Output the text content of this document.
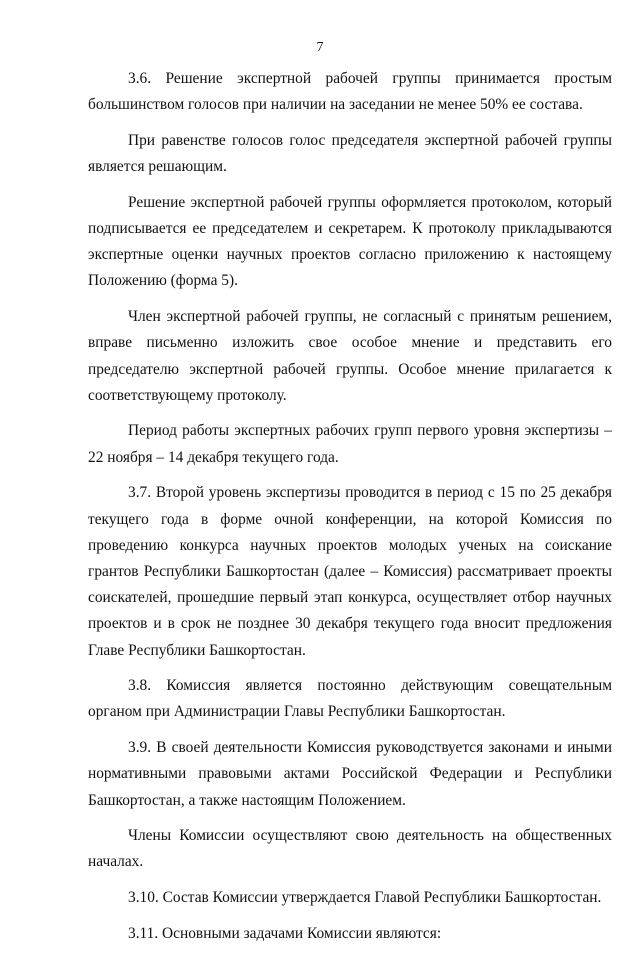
7

3.6. Решение экспертной рабочей группы принимается простым большинством голосов при наличии на заседании не менее 50% ее состава.

При равенстве голосов голос председателя экспертной рабочей группы является решающим.

Решение экспертной рабочей группы оформляется протоколом, который подписывается ее председателем и секретарем. К протоколу прикладываются экспертные оценки научных проектов согласно приложению к настоящему Положению (форма 5).

Член экспертной рабочей группы, не согласный с принятым решением, вправе письменно изложить свое особое мнение и представить его председателю экспертной рабочей группы. Особое мнение прилагается к соответствующему протоколу.

Период работы экспертных рабочих групп первого уровня экспертизы – 22 ноября – 14 декабря текущего года.

3.7. Второй уровень экспертизы проводится в период с 15 по 25 декабря текущего года в форме очной конференции, на которой Комиссия по проведению конкурса научных проектов молодых ученых на соискание грантов Республики Башкортостан (далее – Комиссия) рассматривает проекты соискателей, прошедшие первый этап конкурса, осуществляет отбор научных проектов и в срок не позднее 30 декабря текущего года вносит предложения Главе Республики Башкортостан.

3.8. Комиссия является постоянно действующим совещательным органом при Администрации Главы Республики Башкортостан.

3.9. В своей деятельности Комиссия руководствуется законами и иными нормативными правовыми актами Российской Федерации и Республики Башкортостан, а также настоящим Положением.

Члены Комиссии осуществляют свою деятельность на общественных началах.

3.10. Состав Комиссии утверждается Главой Республики Башкортостан.

3.11. Основными задачами Комиссии являются:
